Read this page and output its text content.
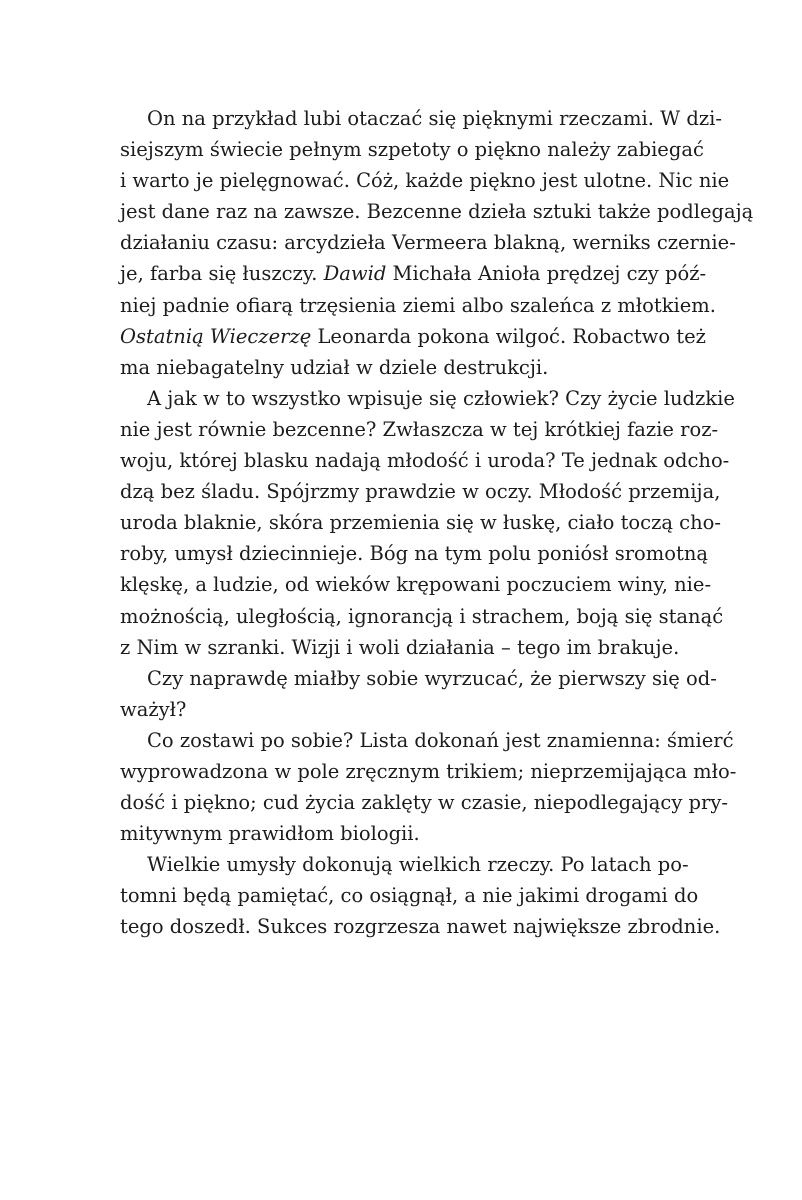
On na przykład lubi otaczać się pięknymi rzeczami. W dzi-
siejszym świecie pełnym szpetoty o piękno należy zabiegać
i warto je pielęgnować. Cóż, każde piękno jest ulotne. Nic nie
jest dane raz na zawsze. Bezcenne dzieła sztuki także podlegają
działaniu czasu: arcydzieła Vermeera blakną, werniks czernie-
je, farba się łuszczy. Dawid Michała Anioła prędzej czy póź-
niej padnie ofiarą trzęsienia ziemi albo szaleńca z młotkiem.
Ostatnią Wieczerzę Leonarda pokona wilgoć. Robactwo też
ma niebagatelny udział w dziele destrukcji.
A jak w to wszystko wpisuje się człowiek? Czy życie ludzkie
nie jest równie bezcenne? Zwłaszcza w tej krótkiej fazie roz-
woju, której blasku nadają młodość i uroda? Te jednak odcho-
dzą bez śladu. Spójrzmy prawdzie w oczy. Młodość przemija,
uroda blaknie, skóra przemienia się w łuskę, ciało toczą cho-
roby, umysł dziecinnieje. Bóg na tym polu poniósł sromotną
klęskę, a ludzie, od wieków krępowani poczuciem winy, nie-
możnością, uległością, ignorancją i strachem, boją się stanąć
z Nim w szranki. Wizji i woli działania – tego im brakuje.
Czy naprawdę miałby sobie wyrzucać, że pierwszy się od-
ważył?
Co zostawi po sobie? Lista dokonań jest znamienna: śmierć
wyprowadzona w pole zręcznym trikiem; nieprzemijająca mło-
dość i piękno; cud życia zaklęty w czasie, niepodlegający pry-
mitywnym prawidłom biologii.
Wielkie umysły dokonują wielkich rzeczy. Po latach po-
tomni będą pamiętać, co osiągnął, a nie jakimi drogami do
tego doszedł. Sukces rozgrzesza nawet największe zbrodnie.
